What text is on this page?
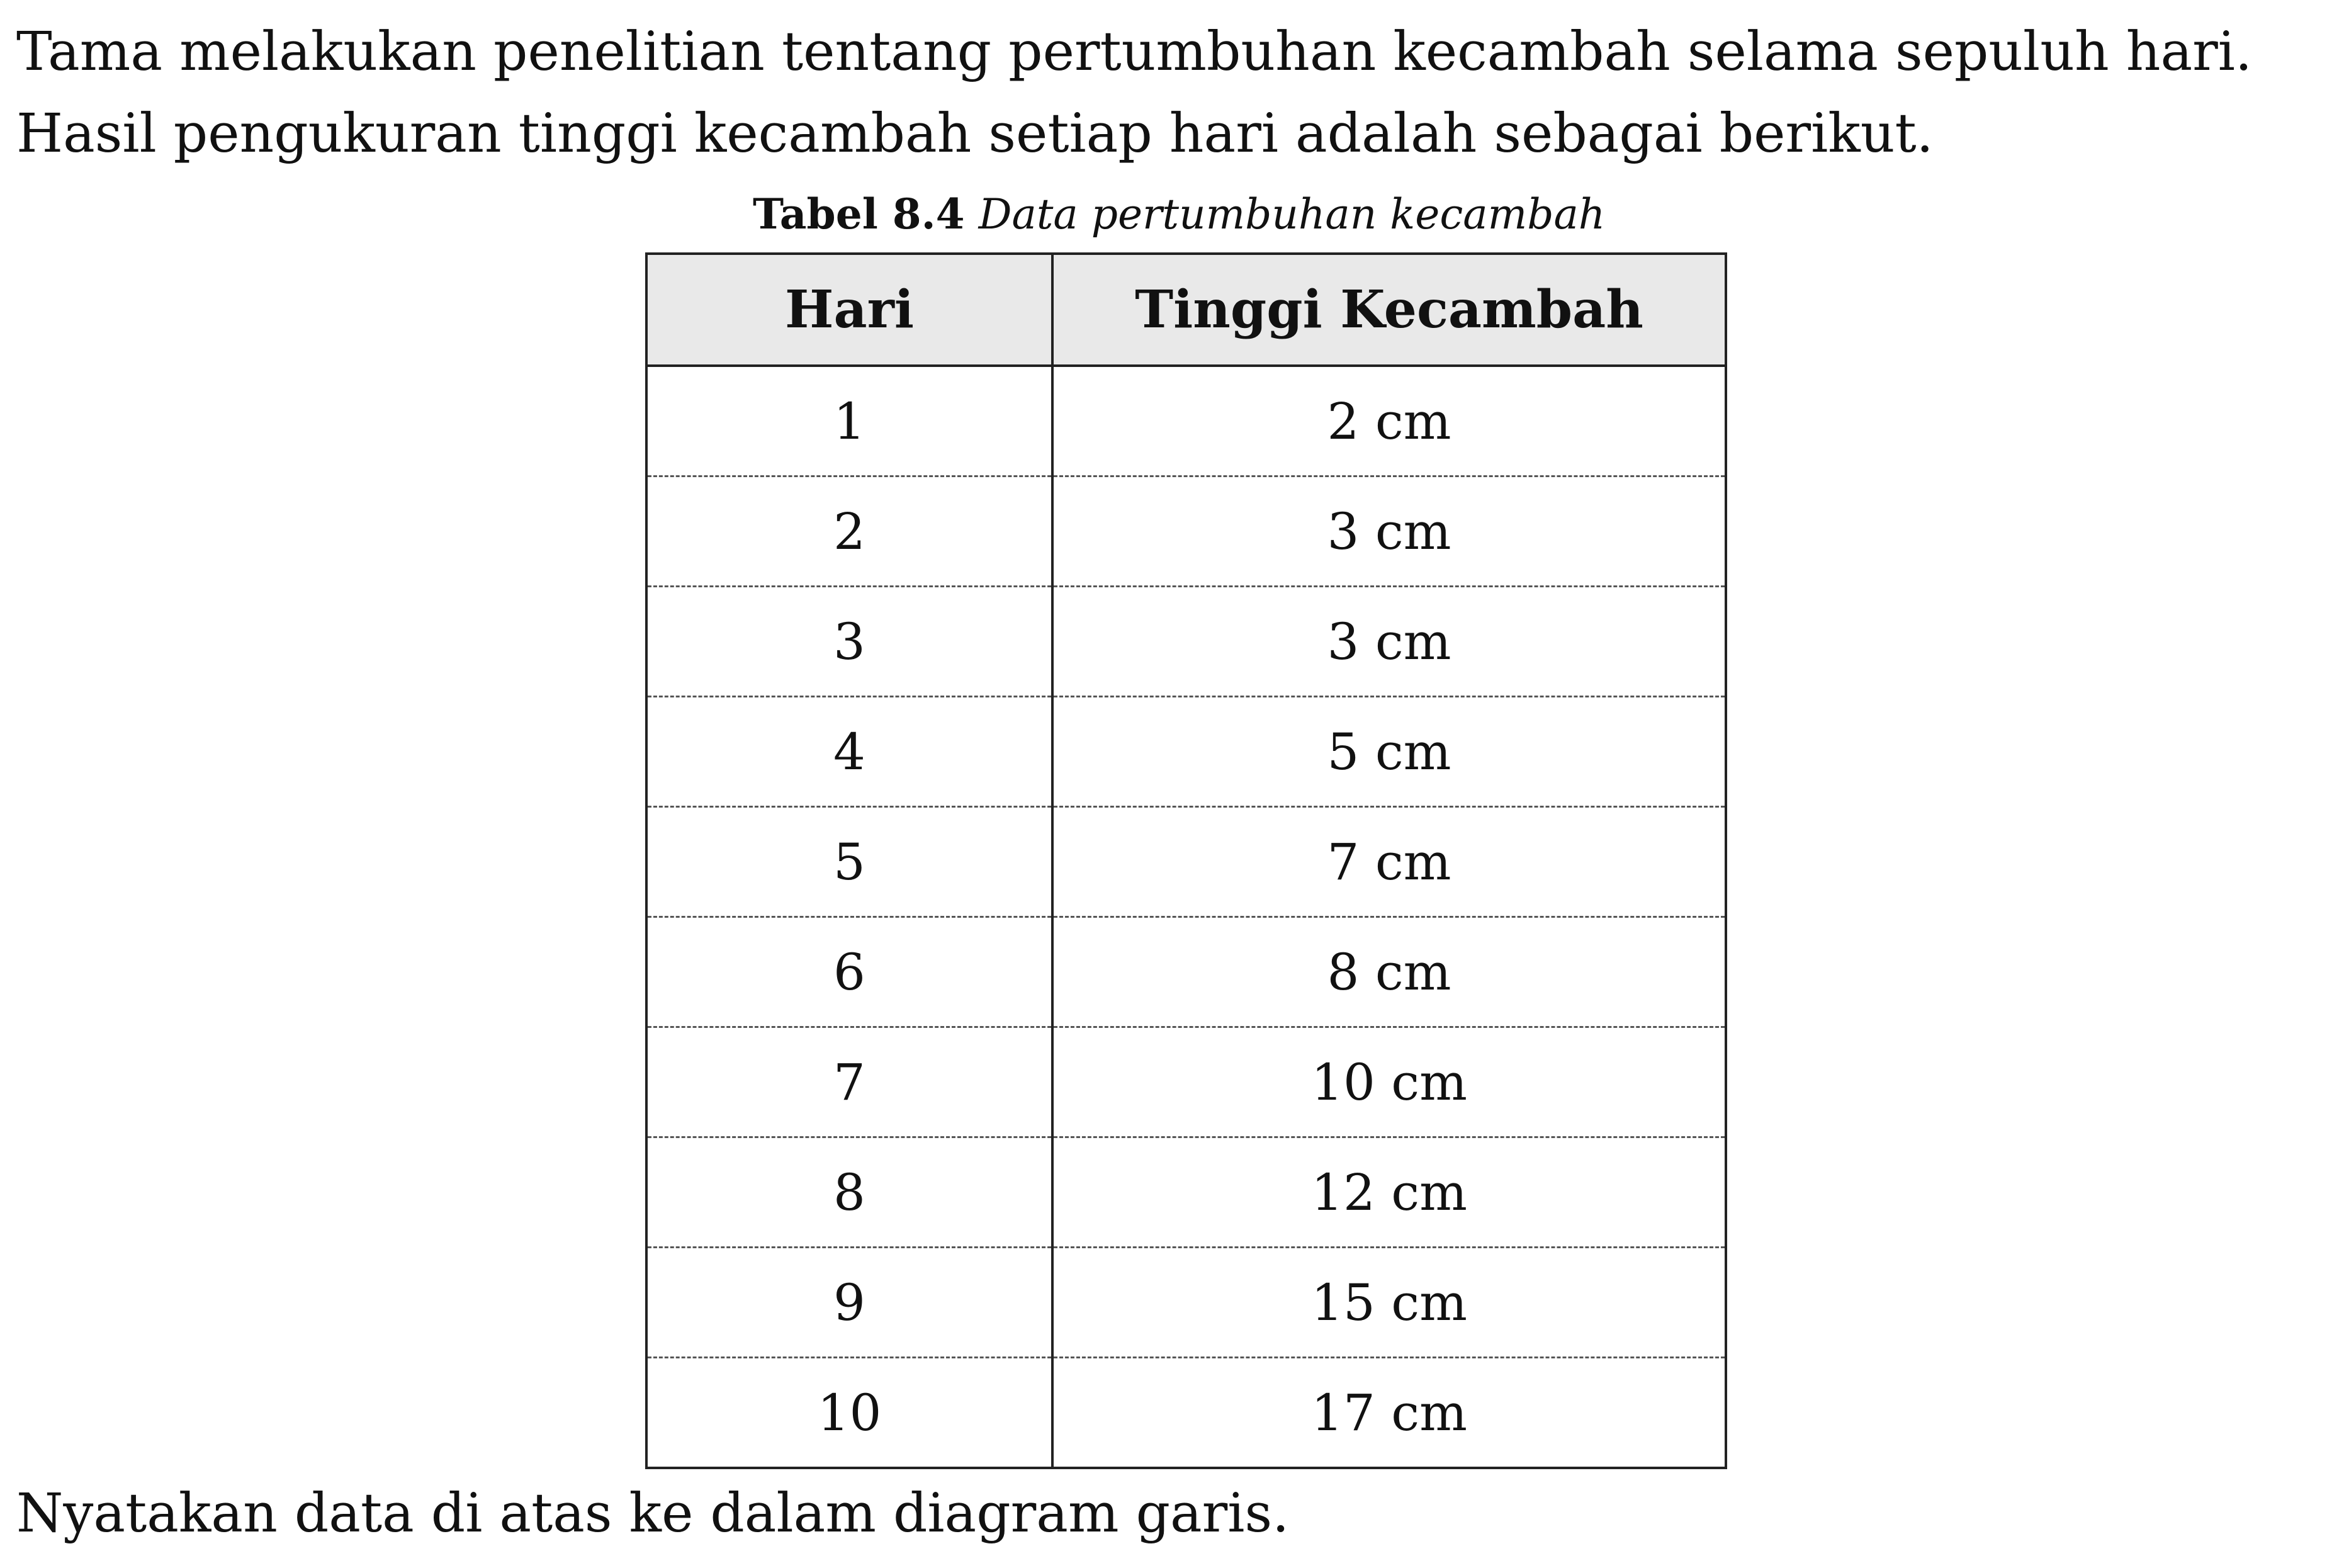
Tama melakukan penelitian tentang pertumbuhan kecambah selama sepuluh hari.

Hasil pengukuran tinggi kecambah setiap hari adalah sebagai berikut.

Tabel 8.4 Data pertumbuhan kecambah
Hari	Tinggi Kecambah
1	2 cm
2	3 cm
3	3 cm
4	5 cm
5	7 cm
6	8 cm
7	10 cm
8	12 cm
9	15 cm
10	17 cm

Nyatakan data di atas ke dalam diagram garis.
